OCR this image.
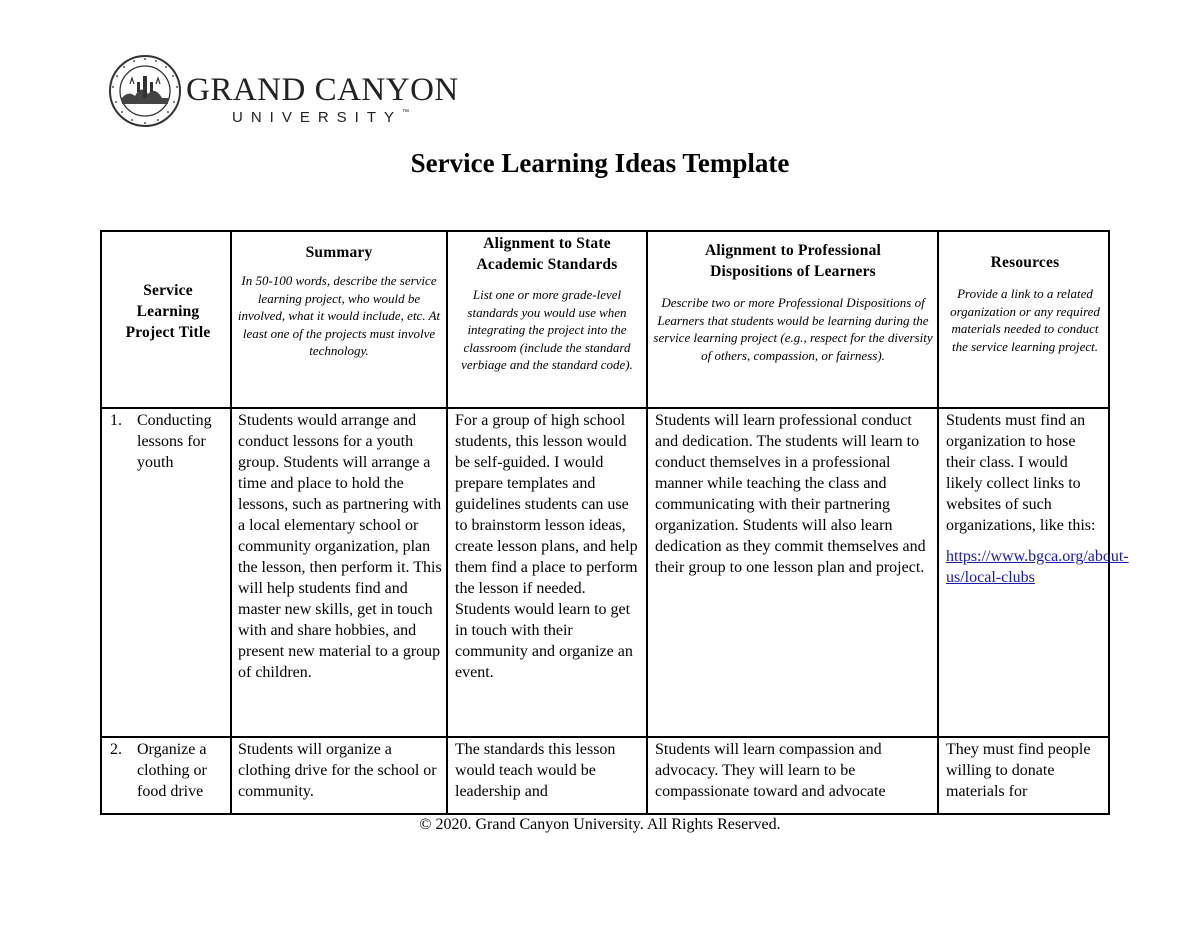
GRAND CANYON
UNIVERSITY™
Service Learning Ideas Template
Service Learning Project Title
Summary
In 50-100 words, describe the service learning project, who would be involved, what it would include, etc. At least one of the projects must involve technology.
Alignment to State Academic Standards
List one or more grade-level standards you would use when integrating the project into the classroom (include the standard verbiage and the standard code).
Alignment to Professional Dispositions of Learners
Describe two or more Professional Dispositions of Learners that students would be learning during the service learning project (e.g., respect for the diversity of others, compassion, or fairness).
Resources
Provide a link to a related organization or any required materials needed to conduct the service learning project.
1. Conducting lessons for youth
Students would arrange and conduct lessons for a youth group. Students will arrange a time and place to hold the lessons, such as partnering with a local elementary school or community organization, plan the lesson, then perform it. This will help students find and master new skills, get in touch with and share hobbies, and present new material to a group of children.
For a group of high school students, this lesson would be self-guided. I would prepare templates and guidelines students can use to brainstorm lesson ideas, create lesson plans, and help them find a place to perform the lesson if needed. Students would learn to get in touch with their community and organize an event.
Students will learn professional conduct and dedication. The students will learn to conduct themselves in a professional manner while teaching the class and communicating with their partnering organization. Students will also learn dedication as they commit themselves and their group to one lesson plan and project.
Students must find an organization to hose their class. I would likely collect links to websites of such organizations, like this:
https://www.bgca.org/about-us/local-clubs
2. Organize a clothing or food drive
Students will organize a clothing drive for the school or community.
The standards this lesson would teach would be leadership and
Students will learn compassion and advocacy. They will learn to be compassionate toward and advocate
They must find people willing to donate materials for
© 2020. Grand Canyon University. All Rights Reserved.
